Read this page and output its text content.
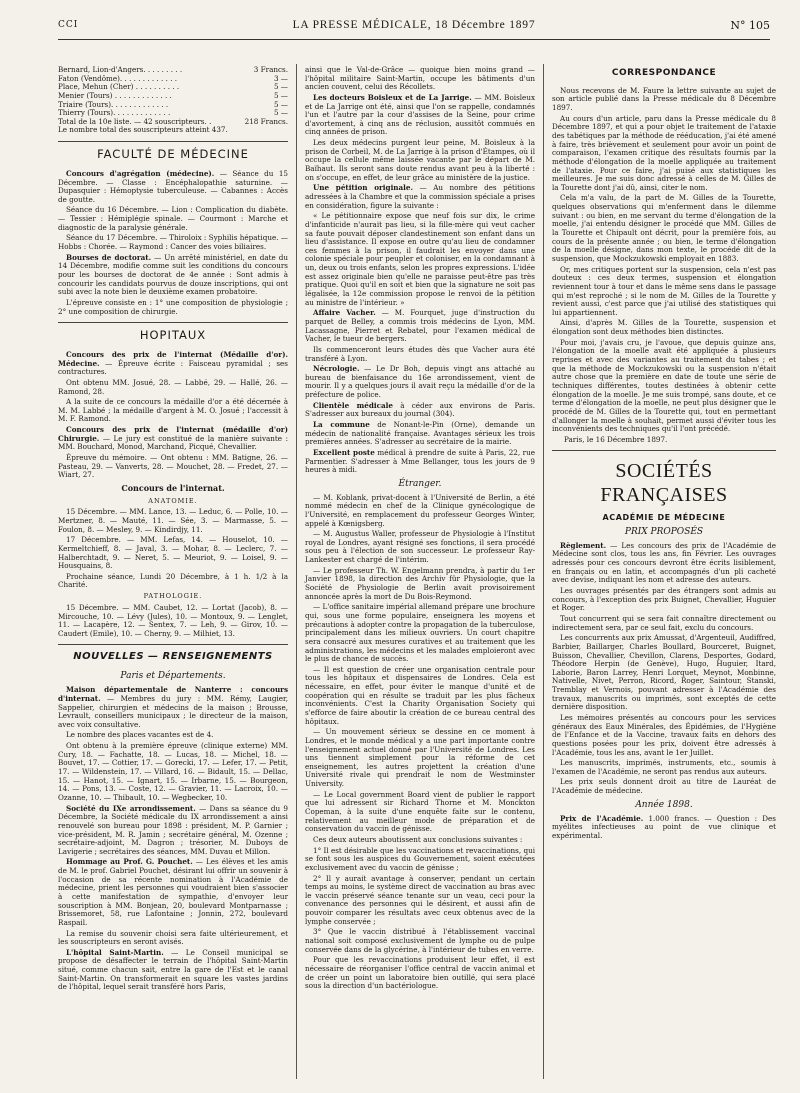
CCI	LA PRESSE MÉDICALE, 18 Décembre 1897	N° 105
Bernard, Lion-d'Angers. . . . . . . . .	3 Francs.
Faton (Vendôme). . . . . . . . . . . . .	3 —
Place, Mehun (Cher) . . . . . . . . . .	5 —
Menier (Tours) . . . . . . . . . . . . .	5 —
Triaire (Tours). . . . . . . . . . . . .	5 —
Thierry (Tours). . . . . . . . . . . . .	5 —
Total de la 10e liste. — 42 souscripteurs. .	218 Francs.

Le nombre total des souscripteurs atteint 437.

FACULTÉ DE MÉDECINE

Concours d'agrégation (médecine). — Séance du 15 Décembre. — Classe : Encéphalopathie saturnine. — Dupasquier : Hémoptysie tuberculeuse. — Cabannes : Accès de goutte.

Séance du 16 Décembre. — Lion : Complication du diabète. — Tessier : Hémiplégie spinale. — Courmont : Marche et diagnostic de la paralysie générale.

Séance du 17 Décembre. — Thiroloix : Syphilis hépatique. — Hobbs : Chorée. — Raymond : Cancer des voies biliaires.

Bourses de doctorat. — Un arrêté ministériel, en date du 14 Décembre, modifie comme suit les conditions du concours pour les bourses de doctorat de 4e année : Sont admis à concourir les candidats pourvus de douze inscriptions, qui ont subi avec la note bien le deuxième examen probatoire.

L'épreuve consiste en : 1° une composition de physiologie ; 2° une composition de chirurgie.

HOPITAUX

Concours des prix de l'internat (Médaille d'or). Médecine. — Épreuve écrite : Faisceau pyramidal ; ses contractures.

Ont obtenu MM. Josué, 28. — Labbé, 29. — Hallé, 26. — Ramond, 28.

A la suite de ce concours la médaille d'or a été décernée à M. M. Labbé ; la médaille d'argent à M. O. Josué ; l'accessit à M. F. Ramond.

Concours des prix de l'internat (médaille d'or) Chirurgie. — Le jury est constitué de la manière suivante : MM. Bouchard, Monod, Marchand, Picqué, Chevallier.

Épreuve du mémoire. — Ont obtenu : MM. Batigne, 26. — Pasteau, 29. — Vanverts, 28. — Mouchet, 28. — Fredet, 27. — Wiart, 27.

Concours de l'internat.
ANATOMIE.

15 Décembre. — MM. Lance, 13. — Leduc, 6. — Polle, 10. — Mertzner, 8. — Mauté, 11. — Sée, 3. — Marmasse, 5. — Foulon, 8. — Mesley, 9. — Kindirdjy, 11.

17 Décembre. — MM. Lefas, 14. — Houselot, 10. — Kermeltchieff, 8. — Javal, 3. — Mohar, 8. — Leclerc, 7. — Halberchtadt, 9. — Neret, 5. — Meuriot, 9. — Loisel, 9. — Housquains, 8.

Prochaine séance, Lundi 20 Décembre, à 1 h. 1/2 à la Charité.

PATHOLOGIE.

15 Décembre. — MM. Caubet, 12. — Lortat (Jacob), 8. — Mircouche, 10. — Lévy (Jules), 10. — Montoux, 9. — Lenglet, 11. — Lacapère, 12. — Sentex, 7. — Leh, 9. — Girov, 10. — Caudert (Emile), 10. — Cherny, 9. — Milhiet, 13.

NOUVELLES — RENSEIGNEMENTS
Paris et Départements.

Maison départementale de Nanterre : concours d'internat. — Membres du jury : MM. Rémy, Laugier, Sappelier, chirurgien et médecins de la maison ; Brousse, Levrault, conseillers municipaux ; le directeur de la maison, avec voix consultative.

Le nombre des places vacantes est de 4.

Ont obtenu à la première épreuve (clinique externe) MM. Cury, 18. — Fachatte, 18. — Lucas, 18. — Michel, 18. — Bouvet, 17. — Cottier, 17. — Gorecki, 17. — Lefer, 17. — Petit, 17. — Wildenstein, 17. — Villard, 16. — Bidault, 15. — Dellac, 15. — Hanot, 15. — Ignart, 15. — Irbarne, 15. — Bourgeon, 14. — Pons, 13. — Coste, 12. — Gravier, 11. — Lacroix, 10. — Ozanne, 10. — Thibault, 10. — Wegbecker, 10.

Société du IXe arrondissement. — Dans sa séance du 9 Décembre, la Société médicale du IX arrondissement a ainsi renouvelé son bureau pour 1898 : président, M. P. Garnier ; vice-président, M. R. Jamin ; secrétaire général, M. Ozenne ; secrétaire-adjoint, M. Dagron ; trésorier, M. Duboys de Lavigerie ; secrétaires des séances, MM. Duvau et Millon.

Hommage au Prof. G. Pouchet. — Les élèves et les amis de M. le prof. Gabriel Pouchet, désirant lui offrir un souvenir à l'occasion de sa récente nomination à l'Académie de médecine, prient les personnes qui voudraient bien s'associer à cette manifestation de sympathie, d'envoyer leur souscription à MM. Bonjean, 20, boulevard Montparnasse ; Brissemoret, 58, rue Lafontaine ; Jonnin, 272, boulevard Raspail.

La remise du souvenir choisi sera faite ultérieurement, et les souscripteurs en seront avisés.

L'hôpital Saint-Martin. — Le Conseil municipal se propose de désaffecter le terrain de l'hôpital Saint-Martin situé, comme chacun sait, entre la gare de l'Est et le canal Saint-Martin. On transformerait en square les vastes jardins de l'hôpital, lequel serait transféré hors Paris,

ainsi que le Val-de-Grâce — quoique bien moins grand — l'hôpital militaire Saint-Martin, occupe les bâtiments d'un ancien couvent, celui des Récollets.

Les docteurs Boisleux et de La Jarrige. — MM. Boisleux et de La Jarrige ont été, ainsi que l'on se rappelle, condamnés l'un et l'autre par la cour d'assises de la Seine, pour crime d'avortement, à cinq ans de réclusion, aussitôt commués en cinq années de prison.

Les deux médecins purgent leur peine, M. Boisleux à la prison de Corbeil, M. de La Jarrige à la prison d'Étampes, où il occupe la cellule même laissée vacante par le départ de M. Baïhaut. Ils seront sans doute rendus avant peu à la liberté : on s'occupe, en effet, de leur grâce au ministère de la justice.

Une pétition originale. — Au nombre des pétitions adressées à la Chambre et que la commission spéciale a prises en considération, figure la suivante :

« Le pétitionnaire expose que neuf fois sur dix, le crime d'infanticide n'aurait pas lieu, si la fille-mère qui veut cacher sa faute pouvait déposer clandestinement son enfant dans un lieu d'assistance. Il expose en outre qu'au lieu de condamner ces femmes à la prison, il faudrait les envoyer dans une colonie spéciale pour peupler et coloniser, en la condamnant à un, deux ou trois enfants, selon les propres expressions. L'idée est assez originale bien qu'elle ne paraisse peut-être pas très pratique. Quoi qu'il en soit et bien que la signature ne soit pas légalisée, la 12e commission propose le renvoi de la pétition au ministre de l'intérieur. »

Affaire Vacher. — M. Fourquet, juge d'instruction du parquet de Belley, a commis trois médecins de Lyon, MM. Lacassagne, Pierret et Rebatel, pour l'examen médical de Vacher, le tueur de bergers.

Ils commenceront leurs études dès que Vacher aura été transféré à Lyon.

Nécrologie. — Le Dr Boh, depuis vingt ans attaché au bureau de bienfaisance du 16e arrondissement, vient de mourir. Il y a quelques jours il avait reçu la médaille d'or de la préfecture de police.

Clientèle médicale à céder aux environs de Paris. S'adresser aux bureaux du journal (304).

La commune de Nonant-le-Pin (Orne), demande un médecin de nationalité française. Avantages sérieux les trois premières années. S'adresser au secrétaire de la mairie.

Excellent poste médical à prendre de suite à Paris, 22, rue Parmentier. S'adresser à Mme Bellanger, tous les jours de 9 heures à midi.

Étranger.

— M. Koblank, privat-docent à l'Université de Berlin, a été nommé médecin en chef de la Clinique gynécologique de l'Université, en remplacement du professeur Georges Winter, appelé à Kœnigsberg.

— M. Augustus Waller, professeur de Physiologie à l'Institut royal de Londres, ayant résigné ses fonctions, il sera procédé sous peu à l'élection de son successeur. Le professeur Ray-Lankester est chargé de l'intérim.

— Le professeur Th. W. Engelmann prendra, à partir du 1er Janvier 1898, la direction des Archiv für Physiologie, que la Société de Physiologie de Berlin avait provisoirement annoncée après la mort de Du Bois-Reymond.

— L'office sanitaire impérial allemand prépare une brochure qui, sous une forme populaire, enseignera les moyens et précautions à adopter contre la propagation de la tuberculose, principalement dans les milieux ouvriers. Un court chapitre sera consacré aux mesures curatives et au traitement que les administrations, les médecins et les malades emploieront avec le plus de chance de succès.

— Il est question de créer une organisation centrale pour tous les hôpitaux et dispensaires de Londres. Cela est nécessaire, en effet, pour éviter le manque d'unité et de coopération qui en résulte se traduit par les plus fâcheux inconvénients. C'est la Charity Organisation Society qui s'efforce de faire aboutir la création de ce bureau central des hôpitaux.

— Un mouvement sérieux se dessine en ce moment à Londres, et le monde médical y a une part importante contre l'enseignement actuel donné par l'Université de Londres. Les uns tiennent simplement pour la réforme de cet enseignement, les autres projettent la création d'une Université rivale qui prendrait le nom de Westminster University.

— Le Local government Board vient de publier le rapport que lui adressent sir Richard Thorne et M. Monckton Copeman, à la suite d'une enquête faite sur le contenu, relativement au meilleur mode de préparation et de conservation du vaccin de génisse.

Ces deux auteurs aboutissent aux conclusions suivantes :

1° Il est désirable que les vaccinations et revaccinations, qui se font sous les auspices du Gouvernement, soient exécutées exclusivement avec du vaccin de génisse ;

2° Il y aurait avantage à conserver, pendant un certain temps au moins, le système direct de vaccination au bras avec le vaccin préservé séance tenante sur un veau, ceci pour la convenance des personnes qui le désirent, et aussi afin de pouvoir comparer les résultats avec ceux obtenus avec de la lymphe conservée ;

3° Que le vaccin distribué à l'établissement vaccinal national soit composé exclusivement de lymphe ou de pulpe conservée dans de la glycérine, à l'intérieur de tubes en verre.

Pour que les revaccinations produisent leur effet, il est nécessaire de réorganiser l'office central de vaccin animal et de créer un point un laboratoire bien outillé, qui sera placé sous la direction d'un bactériologue.

CORRESPONDANCE

Nous recevons de M. Faure la lettre suivante au sujet de son article publié dans la Presse médicale du 8 Décembre 1897.

Au cours d'un article, paru dans la Presse médicale du 8 Décembre 1897, et qui a pour objet le traitement de l'ataxie des tabétiques par la méthode de rééducation, j'ai été amené à faire, très brièvement et seulement pour avoir un point de comparaison, l'examen critique des résultats fournis par la méthode d'élongation de la moelle appliquée au traitement de l'ataxie. Pour ce faire, j'ai puisé aux statistiques les meilleures. Je me suis donc adressé à celles de M. Gilles de la Tourette dont j'ai dû, ainsi, citer le nom.

Cela m'a valu, de la part de M. Gilles de la Tourette, quelques observations qui m'enferment dans le dilemme suivant : ou bien, en me servant du terme d'élongation de la moelle, j'ai entendu désigner le procédé que MM. Gilles de la Tourette et Chipault ont décrit, pour la première fois, au cours de la présente année ; ou bien, le terme d'élongation de la moelle désigne, dans mon texte, le procédé dit de la suspension, que Mockzukowski employait en 1883.

Or, mes critiques portent sur la suspension, cela n'est pas douteux : ces deux termes, suspension et élongation reviennent tour à tour et dans le même sens dans le passage qui m'est reproché ; si le nom de M. Gilles de la Tourette y revient aussi, c'est parce que j'ai utilisé des statistiques qui lui appartiennent.

Ainsi, d'après M. Gilles de la Tourette, suspension et élongation sont deux méthodes bien distinctes.

Pour moi, j'avais cru, je l'avoue, que depuis quinze ans, l'élongation de la moelle avait été appliquée à plusieurs reprises et avec des variantes au traitement du tabes ; et que la méthode de Mockzukowski ou la suspension n'était autre chose que la première en date de toute une série de techniques différentes, toutes destinées à obtenir cette élongation de la moelle. Je me suis trompé, sans doute, et ce terme d'élongation de la moelle, ne peut plus désigner que le procédé de M. Gilles de la Tourette qui, tout en permettant d'allonger la moelle à souhait, permet aussi d'éviter tous les inconvénients des techniques qu'il l'ont précédé.

Paris, le 16 Décembre 1897.

SOCIÉTÉS FRANÇAISES
ACADÉMIE DE MÉDECINE
PRIX PROPOSÉS

Règlement. — Les concours des prix de l'Académie de Médecine sont clos, tous les ans, fin Février. Les ouvrages adressés pour ces concours devront être écrits lisiblement, en français ou en latin, et accompagnés d'un pli cacheté avec devise, indiquant les nom et adresse des auteurs.

Les ouvrages présentés par des étrangers sont admis au concours, à l'exception des prix Buignet, Chevallier, Huguier et Roger.

Tout concurrent qui se sera fait connaître directement ou indirectement sera, par ce seul fait, exclu du concours.

Les concurrents aux prix Amussat, d'Argenteuil, Audiffred, Barbier, Baillarger, Charles Boullard, Bourceret, Buignet, Buisson, Chevallier, Chevillon, Clarens, Desportes, Godard, Théodore Herpin (de Genève), Hugo, Huguier, Itard, Laborie, Baron Larrey, Henri Lorquet, Meynot, Monbinne, Nativelle, Nivet, Perron, Ricord, Roger, Saintour, Stanski, Tremblay et Vernois, pouvant adresser à l'Académie des travaux, manuscrits ou imprimés, sont exceptés de cette dernière disposition.

Les mémoires présentés au concours pour les services généraux des Eaux Minérales, des Épidémies, de l'Hygiène de l'Enfance et de la Vaccine, travaux faits en dehors des questions posées pour les prix, doivent être adressés à l'Académie, tous les ans, avant le 1er Juillet.

Les manuscrits, imprimés, instruments, etc., soumis à l'examen de l'Académie, ne seront pas rendus aux auteurs.

Les prix seuls donnent droit au titre de Lauréat de l'Académie de médecine.

Année 1898.

Prix de l'Académie. 1.000 francs. — Question : Des myélites infectieuses au point de vue clinique et expérimental.
